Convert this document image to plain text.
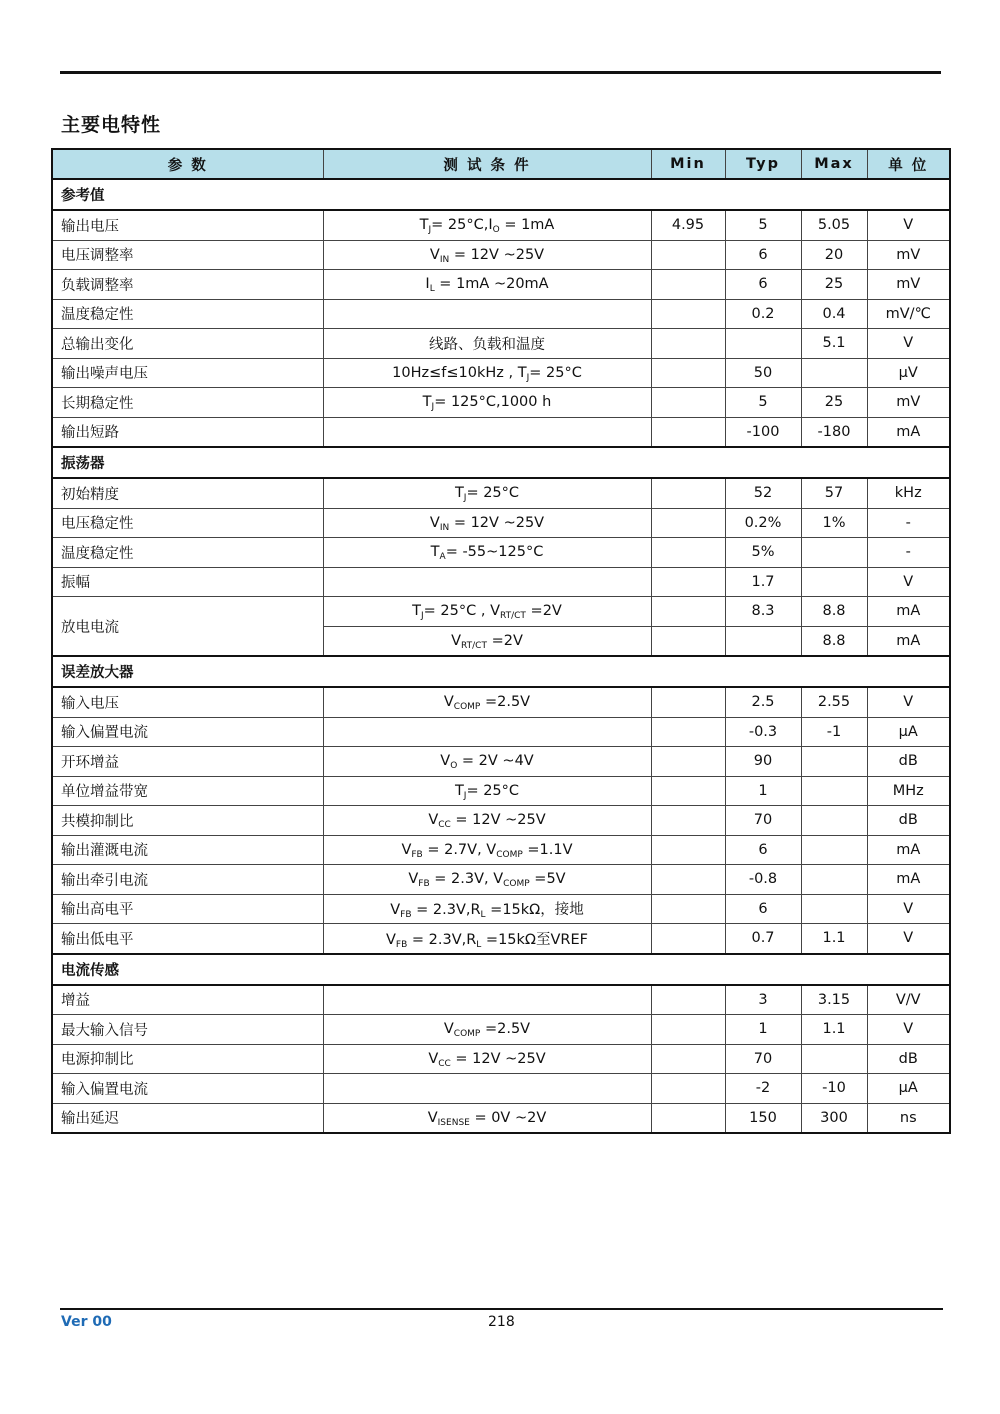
主要电特性
参 数	测 试 条 件	Min	Typ	Max	单 位
参考值					
输出电压	$T_J= 25^\circ C,I_O = 1mA$	4.95	5	5.05	V
电压调整率	$V_{IN} = 12V$ ~25V		6	20	mV
负载调整率	$I_L = 1mA$ ~20mA		6	25	mV
温度稳定性			0.2	0.4	mV/℃
总输出变化	线路、负载和温度			5.1	V
输出噪声电压	10Hz≤f≤10kHz , $T_J= 25^\circ C$		50		μV
长期稳定性	$T_J= 125^\circ C,1000$ h		5	25	mV
输出短路			-100	-180	mA
振荡器					
初始精度	$T_J= 25^\circ C$		52	57	kHz
电压稳定性	$V_{IN} = 12V$ ~25V		0.2%	1%	-
温度稳定性	$T_A=$ -55~125°C		5%		-
振幅			1.7		V
放电电流	$T_J= 25^\circ C$ , $V_{RT/CT} =2V$		8.3	8.8	mA
	$V_{RT/CT} =2V$			8.8	mA
误差放大器					
输入电压	$V_{COMP} =2.5V$		2.5	2.55	V
输入偏置电流			-0.3	-1	μA
开环增益	$V_O = 2V$ ~4V		90		dB
单位增益带宽	$T_J= 25^\circ C$		1		MHz
共模抑制比	$V_{CC} = 12V$ ~25V		70		dB
输出灌溉电流	$V_{FB} = 2.7V$, $V_{COMP} =1.1V$		6		mA
输出牵引电流	$V_{FB} = 2.3V$, $V_{COMP} =5V$		-0.8		mA
输出高电平	$V_{FB} = 2.3V,R_L =15k\Omega$，接地		6		V
输出低电平	$V_{FB} = 2.3V,R_L =15k\Omega$至VREF		0.7	1.1	V
电流传感					
增益			3	3.15	V/V
最大输入信号	$V_{COMP} =2.5V$		1	1.1	V
电源抑制比	$V_{CC} = 12V$ ~25V		70		dB
输入偏置电流			-2	-10	μA
输出延迟	$V_{ISENSE} = 0V$ ~2V		150	300	ns
Ver 00	218
